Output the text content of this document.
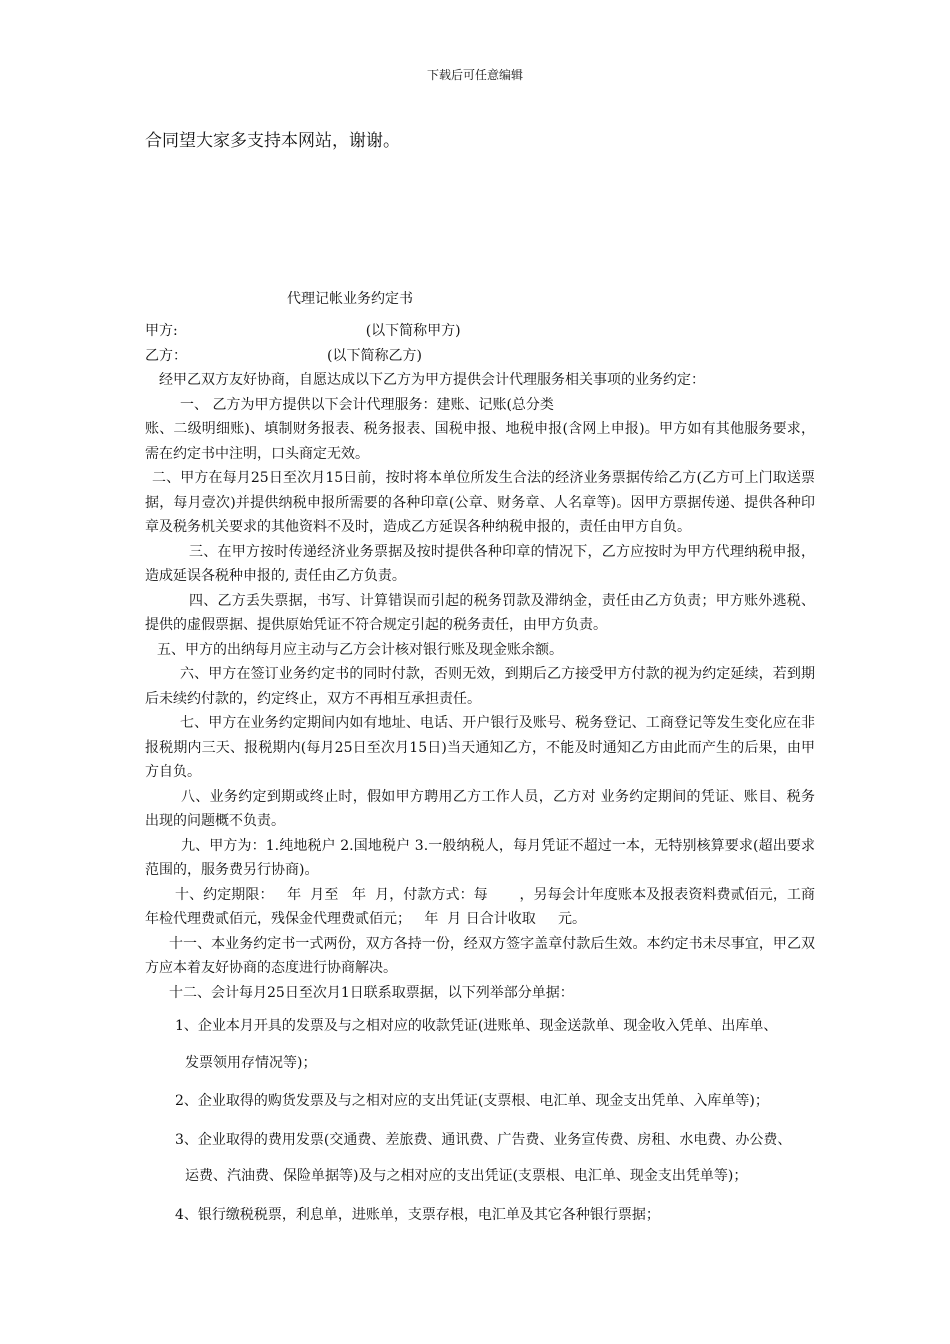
下载后可任意编辑
合同望大家多支持本网站，谢谢。
代理记帐业务约定书
甲方:	(以下简称甲方)
乙方：	(以下简称乙方)

经甲乙双方友好协商，自愿达成以下乙方为甲方提供会计代理服务相关事项的业务约定：

一、 乙方为甲方提供以下会计代理服务：建账、记账(总分类

账、二级明细账)、填制财务报表、税务报表、国税申报、地税申报(含网上申报)。甲方如有其他服务要求，需在约定书中注明，口头商定无效。

二、甲方在每月25日至次月15日前，按时将本单位所发生合法的经济业务票据传给乙方(乙方可上门取送票据，每月壹次)并提供纳税申报所需要的各种印章(公章、财务章、人名章等)。因甲方票据传递、提供各种印章及税务机关要求的其他资料不及时，造成乙方延误各种纳税申报的，责任由甲方自负。

三、在甲方按时传递经济业务票据及按时提供各种印章的情况下，乙方应按时为甲方代理纳税申报，造成延误各税种申报的, 责任由乙方负责。

四、乙方丢失票据，书写、计算错误而引起的税务罚款及滞纳金，责任由乙方负责；甲方账外逃税、提供的虚假票据、提供原始凭证不符合规定引起的税务责任，由甲方负责。

五、甲方的出纳每月应主动与乙方会计核对银行账及现金账余额。

六、甲方在签订业务约定书的同时付款，否则无效，到期后乙方接受甲方付款的视为约定延续，若到期后未续约付款的，约定终止，双方不再相互承担责任。

七、甲方在业务约定期间内如有地址、电话、开户银行及账号、税务登记、工商登记等发生变化应在非报税期内三天、报税期内(每月25日至次月15日)当天通知乙方，不能及时通知乙方由此而产生的后果，由甲方自负。

八、业务约定到期或终止时，假如甲方聘用乙方工作人员，乙方对 业务约定期间的凭证、账目、税务出现的问题概不负责。

九、甲方为：1.纯地税户 2.国地税户 3.一般纳税人，每月凭证不超过一本，无特别核算要求(超出要求范围的，服务费另行协商)。

十、约定期限：   年  月至   年  月，付款方式：每       ，另每会计年度账本及报表资料费贰佰元，工商年检代理费贰佰元，残保金代理费贰佰元；   年  月 日合计收取     元。

十一、本业务约定书一式两份，双方各持一份，经双方签字盖章付款后生效。本约定书未尽事宜，甲乙双方应本着友好协商的态度进行协商解决。

十二、会计每月25日至次月1日联系取票据，以下列举部分单据：

1、企业本月开具的发票及与之相对应的收款凭证(进账单、现金送款单、现金收入凭单、出库单、

发票领用存情况等)；

2、企业取得的购货发票及与之相对应的支出凭证(支票根、电汇单、现金支出凭单、入库单等)；

3、企业取得的费用发票(交通费、差旅费、通讯费、广告费、业务宣传费、房租、水电费、办公费、

运费、汽油费、保险单据等)及与之相对应的支出凭证(支票根、电汇单、现金支出凭单等)；

4、银行缴税税票，利息单，进账单，支票存根，电汇单及其它各种银行票据；
